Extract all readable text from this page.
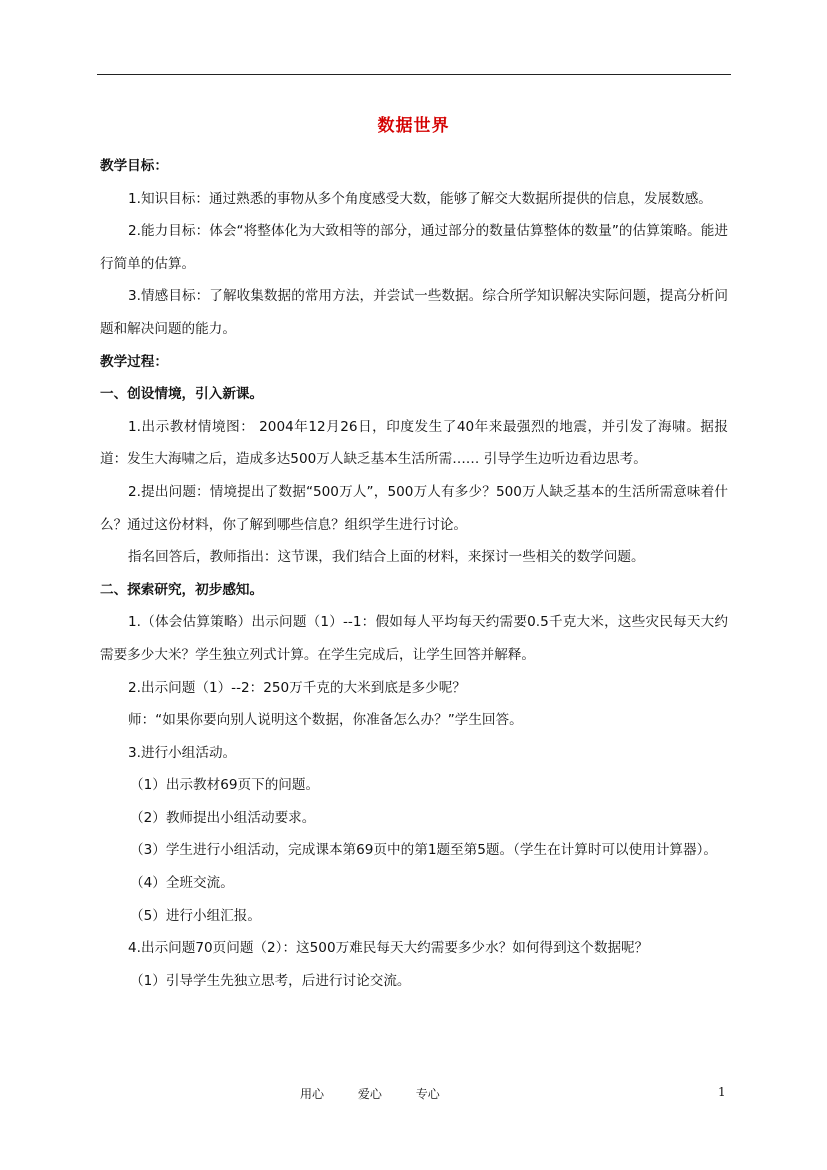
数据世界

教学目标：

1.知识目标：通过熟悉的事物从多个角度感受大数，能够了解交大数据所提供的信息，发展数感。

2.能力目标：体会“将整体化为大致相等的部分，通过部分的数量估算整体的数量”的估算策略。能进行简单的估算。

3.情感目标：了解收集数据的常用方法，并尝试一些数据。综合所学知识解决实际问题，提高分析问题和解决问题的能力。

教学过程：

一、创设情境，引入新课。

1.出示教材情境图： 2004年12月26日，印度发生了40年来最强烈的地震，并引发了海啸。据报道：发生大海啸之后，造成多达500万人缺乏基本生活所需…… 引导学生边听边看边思考。

2.提出问题：情境提出了数据“500万人”，500万人有多少？500万人缺乏基本的生活所需意味着什么？通过这份材料，你了解到哪些信息？组织学生进行讨论。

指名回答后，教师指出：这节课，我们结合上面的材料，来探讨一些相关的数学问题。

二、探索研究，初步感知。

1.（体会估算策略）出示问题（1）--1：假如每人平均每天约需要0.5千克大米，这些灾民每天大约需要多少大米？学生独立列式计算。在学生完成后，让学生回答并解释。

2.出示问题（1）--2：250万千克的大米到底是多少呢？

师：“如果你要向别人说明这个数据，你准备怎么办？”学生回答。

3.进行小组活动。

（1）出示教材69页下的问题。

（2）教师提出小组活动要求。

（3）学生进行小组活动，完成课本第69页中的第1题至第5题。（学生在计算时可以使用计算器）。

（4）全班交流。

（5）进行小组汇报。

4.出示问题70页问题（2）：这500万难民每天大约需要多少水？如何得到这个数据呢？

（1）引导学生先独立思考，后进行讨论交流。

用心	爱心	专心	1
